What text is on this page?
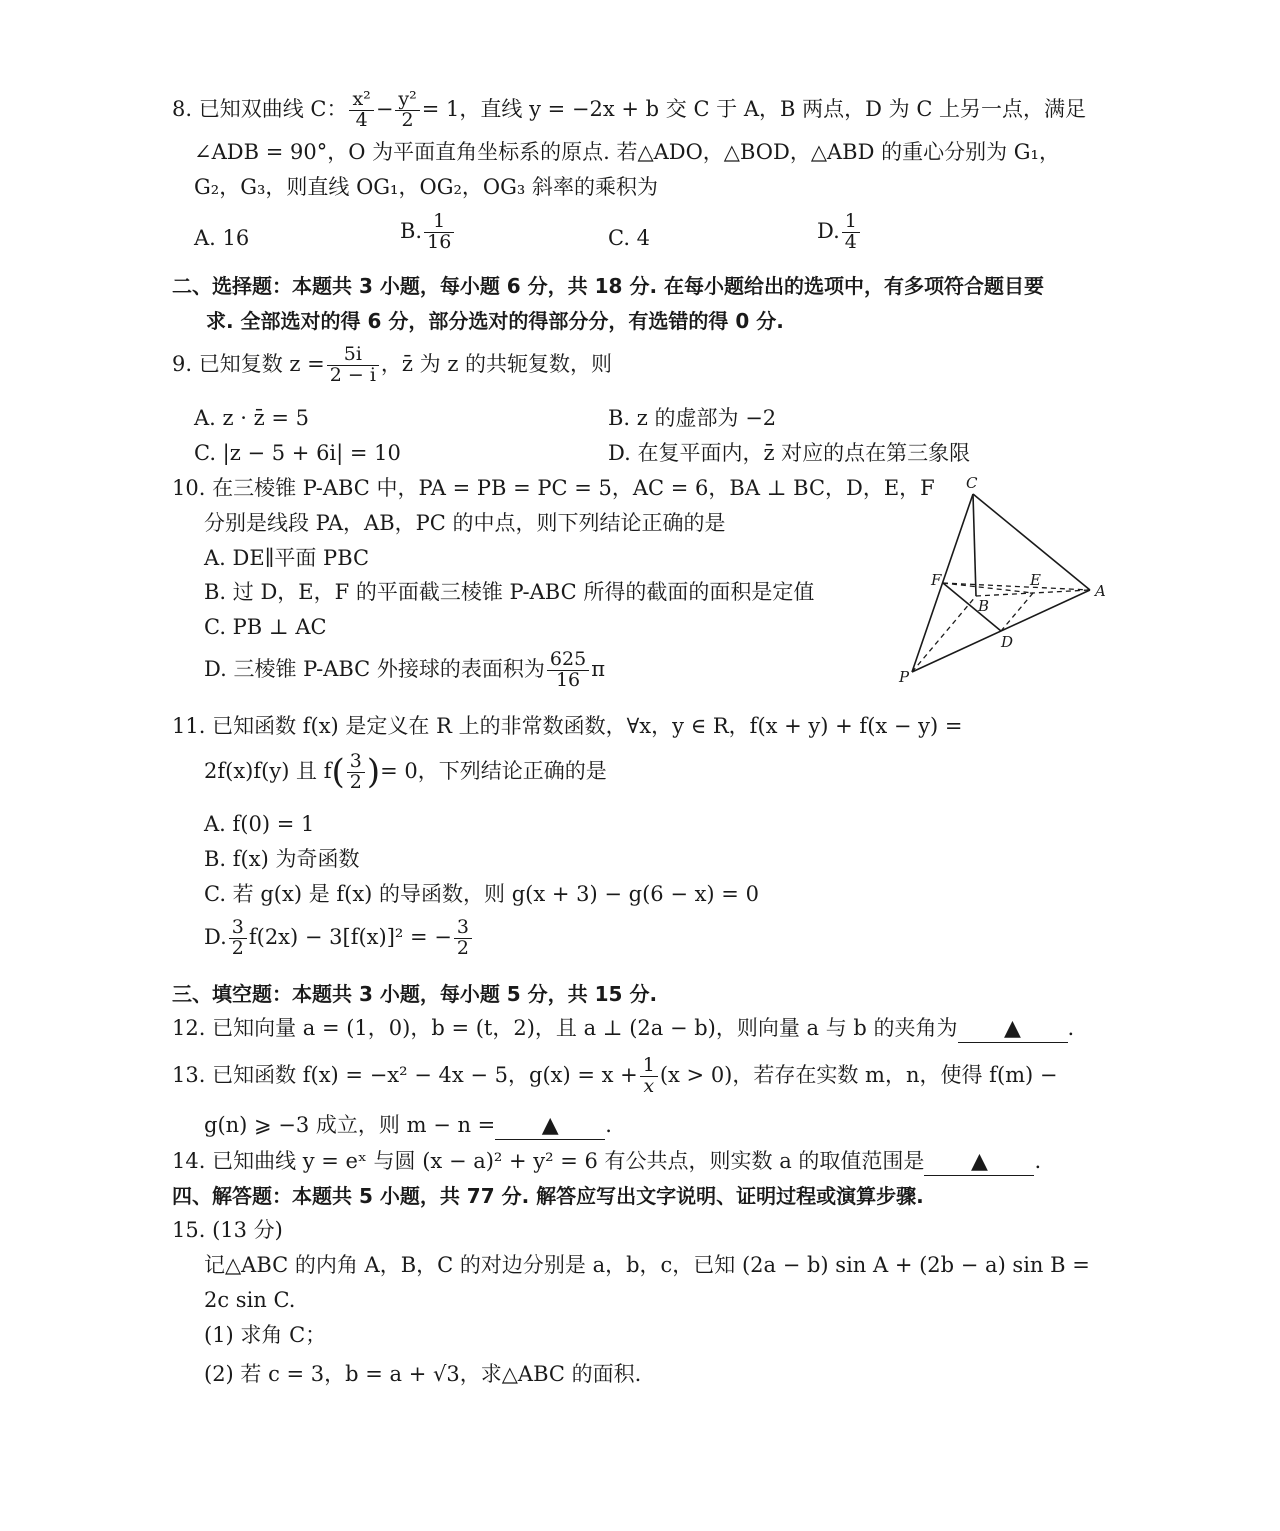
8. 已知双曲线 C： $\frac{\text{x²}}{4} - \frac{\text{y²}}{2} = 1$，直线 y = −2x + b 交 C 于 A，B 两点，D 为 C 上另一点，满足
∠ADB = 90°，O 为平面直角坐标系的原点. 若△ADO，△BOD，△ABD 的重心分别为 G₁，
G₂，G₃，则直线 OG₁，OG₂，OG₃ 斜率的乘积为
A. 16	B. $\frac{1}{16}$	C. 4	D. $\frac{1}{4}$
二、选择题：本题共 3 小题，每小题 6 分，共 18 分. 在每小题给出的选项中，有多项符合题目要
求. 全部选对的得 6 分，部分选对的得部分分，有选错的得 0 分.
9. 已知复数 $z = \frac{5i}{2 - i}$ ，z̄ 为 z 的共轭复数，则
A. z · z̄ = 5	B. z 的虚部为 −2
C. |z − 5 + 6i| = 10	D. 在复平面内，z̄ 对应的点在第三象限
10. 在三棱锥 P-ABC 中，PA = PB = PC = 5，AC = 6，BA ⊥ BC，D，E，F
分别是线段 PA，AB，PC 的中点，则下列结论正确的是
A. DE∥平面 PBC
B. 过 D，E，F 的平面截三棱锥 P-ABC 所得的截面的面积是定值
C. PB ⊥ AC
D. 三棱锥 P-ABC 外接球的表面积为 $\frac{625}{16}$ π
C
F	E
A
B
D
P
11. 已知函数 f(x) 是定义在 R 上的非常数函数，∀x，y ∈ R，f(x + y) + f(x − y) =
2f(x)f(y) 且 $f( \frac{3}{2}$ )= 0，下列结论正确的是
A. f(0) = 1
B. f(x) 为奇函数
C. 若 g(x) 是 f(x) 的导函数，则 g(x + 3) − g(6 − x) = 0
D. $\frac{3}{2} f(2x) - 3[f(x)]^2$ = − $\frac{3}{2}$
三、填空题：本题共 3 小题，每小题 5 分，共 15 分.
12. 已知向量 a = (1，0)，b = (t，2)，且 a ⊥ (2a − b)，则向量 a 与 b 的夹角为 ▲ .
13. 已知函数 f(x) = −x² − 4x − 5，$g(x) = x + \frac{1}{x} (x > 0)$，若存在实数 m，n，使得 f(m) −
g(n) ⩾ −3 成立，则 m − n = ▲ .
14. 已知曲线 y = eˣ 与圆 (x − a)² + y² = 6 有公共点，则实数 a 的取值范围是 ▲ .
四、解答题：本题共 5 小题，共 77 分. 解答应写出文字说明、证明过程或演算步骤.
15. (13 分)
记△ABC 的内角 A，B，C 的对边分别是 a，b，c，已知 (2a − b) sin A + (2b − a) sin B =
2c sin C.
(1) 求角 C；
(2) 若 c = 3，b = a + √3，求△ABC 的面积.
